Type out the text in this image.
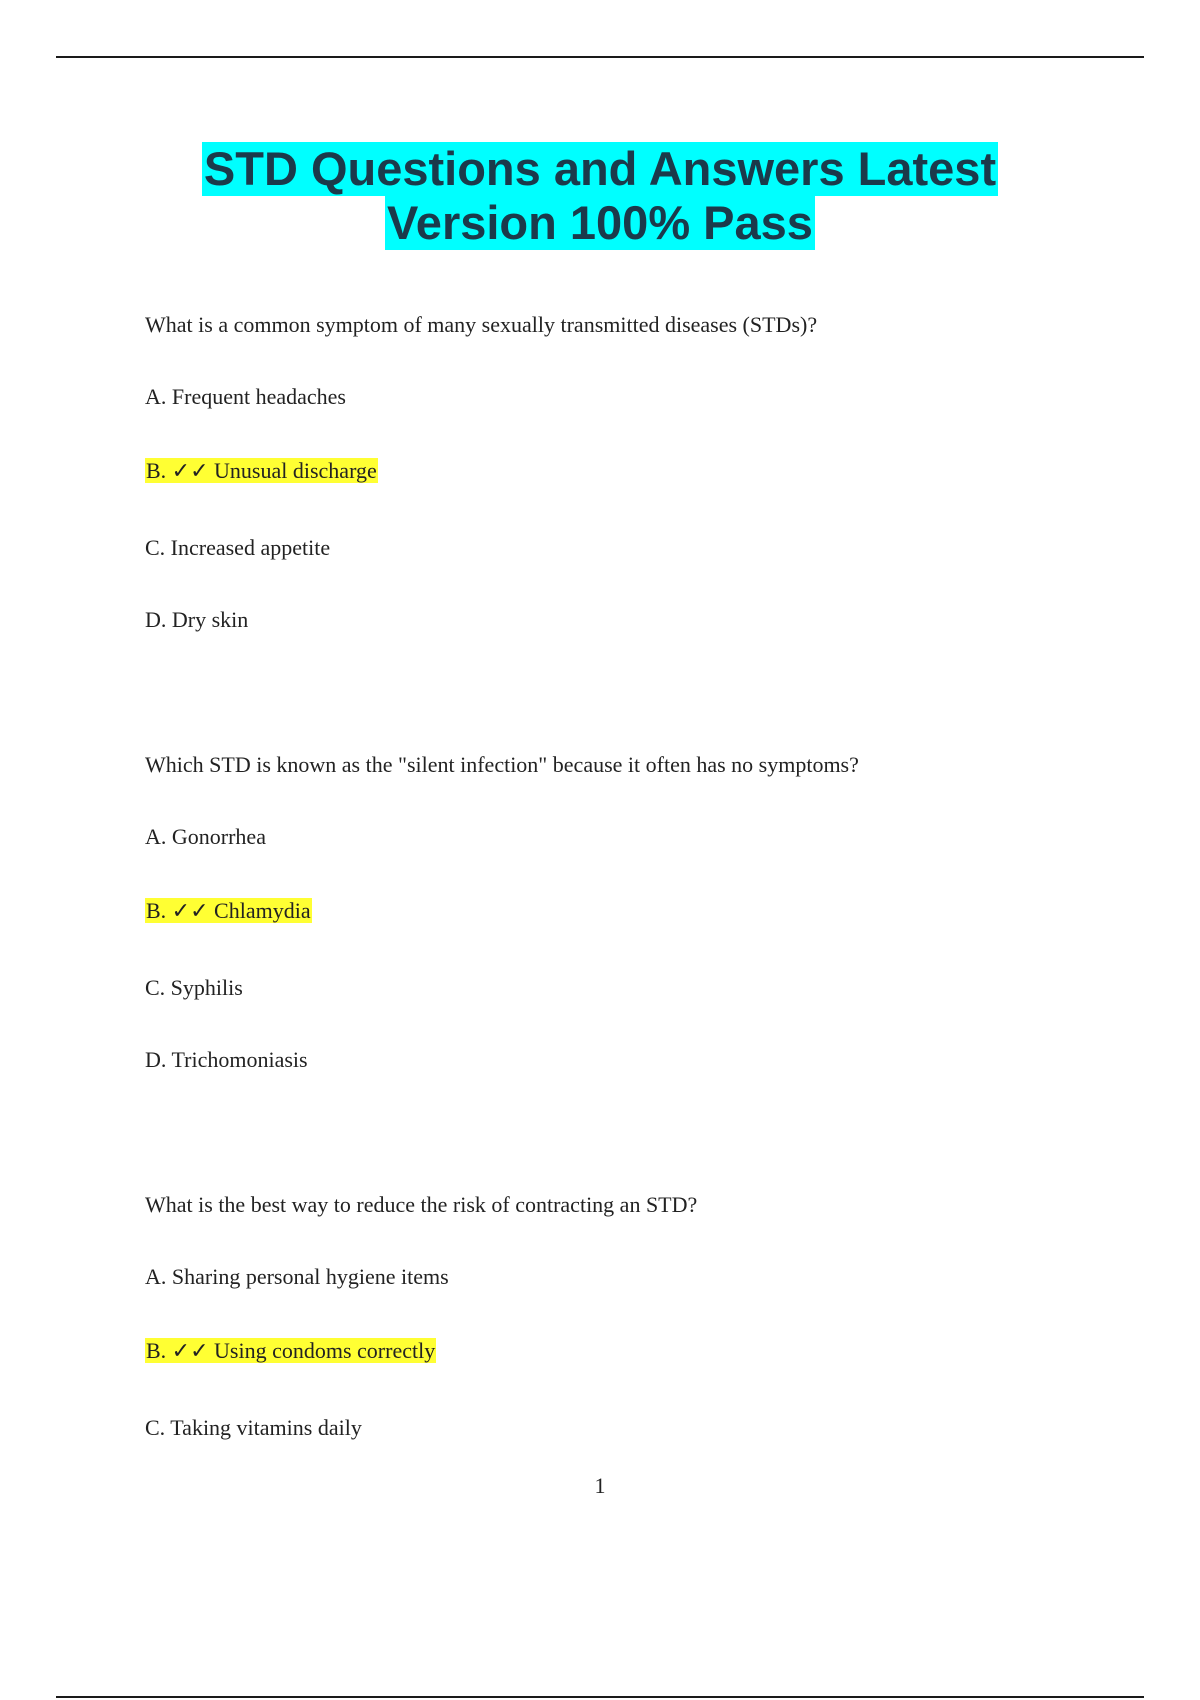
STD Questions and Answers Latest
Version 100% Pass
What is a common symptom of many sexually transmitted diseases (STDs)?
A. Frequent headaches
B. ✓✓ Unusual discharge
C. Increased appetite
D. Dry skin
Which STD is known as the "silent infection" because it often has no symptoms?
A. Gonorrhea
B. ✓✓ Chlamydia
C. Syphilis
D. Trichomoniasis
What is the best way to reduce the risk of contracting an STD?
A. Sharing personal hygiene items
B. ✓✓ Using condoms correctly
C. Taking vitamins daily
1
